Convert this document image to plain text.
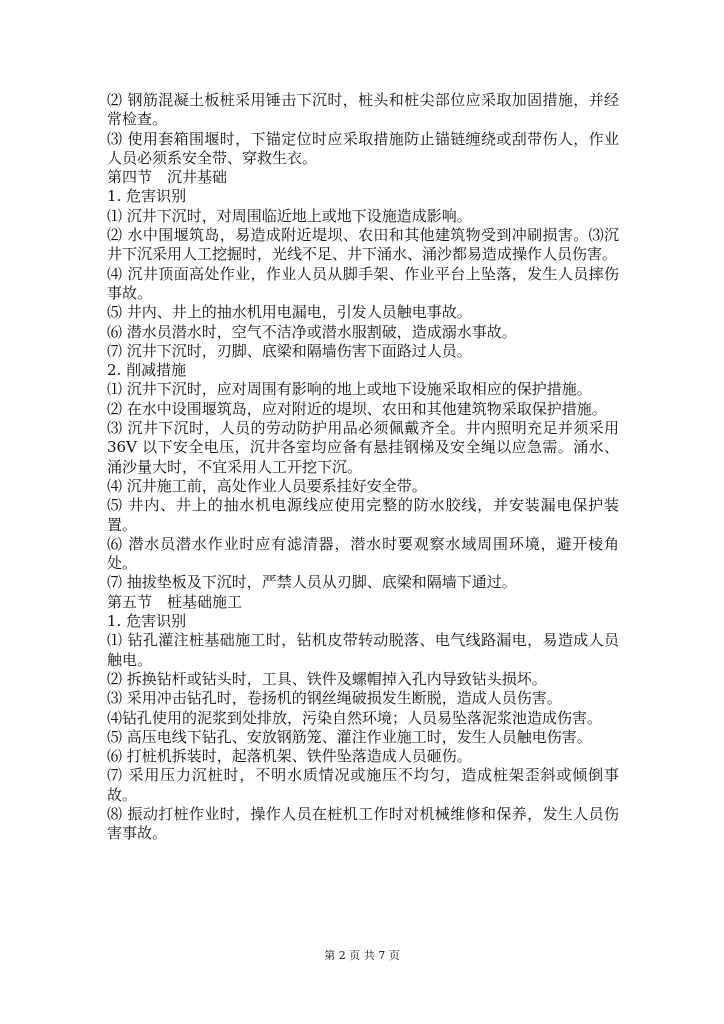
⑵ 钢筋混凝土板桩采用锤击下沉时，桩头和桩尖部位应采取加固措施，并经常检查。

⑶ 使用套箱围堰时，下锚定位时应采取措施防止锚链缠绕或刮带伤人，作业人员必须系安全带、穿救生衣。

第四节　沉井基础

1. 危害识别

⑴ 沉井下沉时，对周围临近地上或地下设施造成影响。

⑵ 水中围堰筑岛，易造成附近堤坝、农田和其他建筑物受到冲刷损害。⑶沉井下沉采用人工挖掘时，光线不足、井下涌水、涌沙都易造成操作人员伤害。

⑷ 沉井顶面高处作业，作业人员从脚手架、作业平台上坠落，发生人员摔伤事故。

⑸ 井内、井上的抽水机用电漏电，引发人员触电事故。

⑹ 潜水员潜水时，空气不洁净或潜水服割破，造成溺水事故。

⑺ 沉井下沉时，刃脚、底梁和隔墙伤害下面路过人员。

2. 削减措施

⑴ 沉井下沉时，应对周围有影响的地上或地下设施采取相应的保护措施。

⑵ 在水中设围堰筑岛，应对附近的堤坝、农田和其他建筑物采取保护措施。

⑶ 沉井下沉时，人员的劳动防护用品必须佩戴齐全。井内照明充足并须采用 36V 以下安全电压，沉井各室均应备有悬挂钢梯及安全绳以应急需。涌水、涌沙量大时，不宜采用人工开挖下沉。

⑷ 沉井施工前，高处作业人员要系挂好安全带。

⑸ 井内、井上的抽水机电源线应使用完整的防水胶线，并安装漏电保护装置。

⑹ 潜水员潜水作业时应有滤清器，潜水时要观察水域周围环境，避开棱角处。

⑺ 抽拔垫板及下沉时，严禁人员从刃脚、底梁和隔墙下通过。

第五节　桩基础施工

1. 危害识别

⑴ 钻孔灌注桩基础施工时，钻机皮带转动脱落、电气线路漏电，易造成人员触电。

⑵ 拆换钻杆或钻头时，工具、铁件及螺帽掉入孔内导致钻头损坏。

⑶ 采用冲击钻孔时，卷扬机的钢丝绳破损发生断脱，造成人员伤害。

⑷钻孔使用的泥浆到处排放，污染自然环境；人员易坠落泥浆池造成伤害。

⑸ 高压电线下钻孔、安放钢筋笼、灌注作业施工时，发生人员触电伤害。

⑹ 打桩机拆装时，起落机架、铁件坠落造成人员砸伤。

⑺ 采用压力沉桩时，不明水质情况或施压不均匀，造成桩架歪斜或倾倒事故。

⑻ 振动打桩作业时，操作人员在桩机工作时对机械维修和保养，发生人员伤害事故。

第 2 页 共 7 页
